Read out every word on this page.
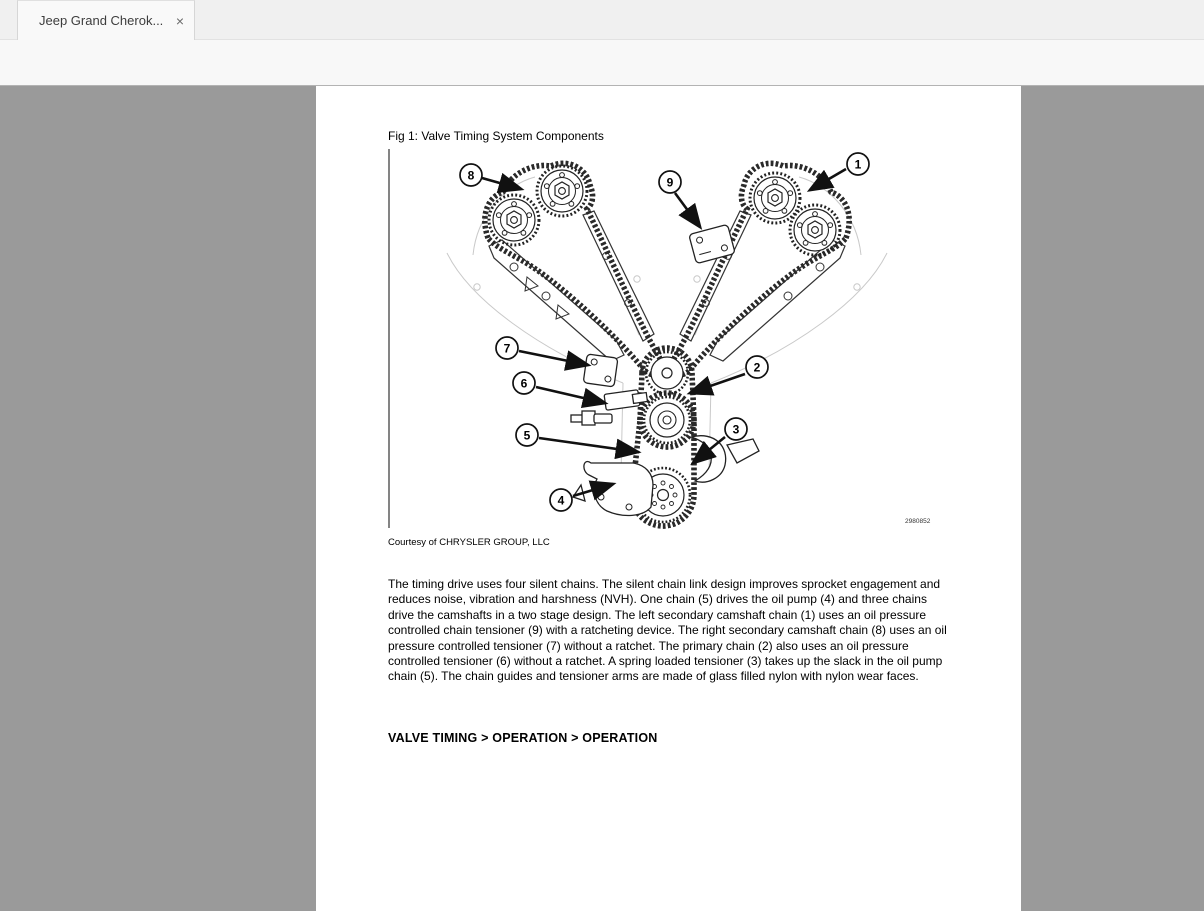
Jeep Grand Cherok... ×
3690

Fig 1: Valve Timing System Components
8	9
1
7
6
2
5	3
4
2980852
Courtesy of CHRYSLER GROUP, LLC
The timing drive uses four silent chains. The silent chain link design improves sprocket engagement and reduces noise, vibration and harshness (NVH). One chain (5) drives the oil pump (4) and three chains drive the camshafts in a two stage design. The left secondary camshaft chain (1) uses an oil pressure controlled chain tensioner (9) with a ratcheting device. The right secondary camshaft chain (8) uses an oil pressure controlled tensioner (7) without a ratchet. The primary chain (2) also uses an oil pressure controlled tensioner (6) without a ratchet. A spring loaded tensioner (3) takes up the slack in the oil pump chain (5). The chain guides and tensioner arms are made of glass filled nylon with nylon wear faces.
VALVE TIMING > OPERATION > OPERATION
